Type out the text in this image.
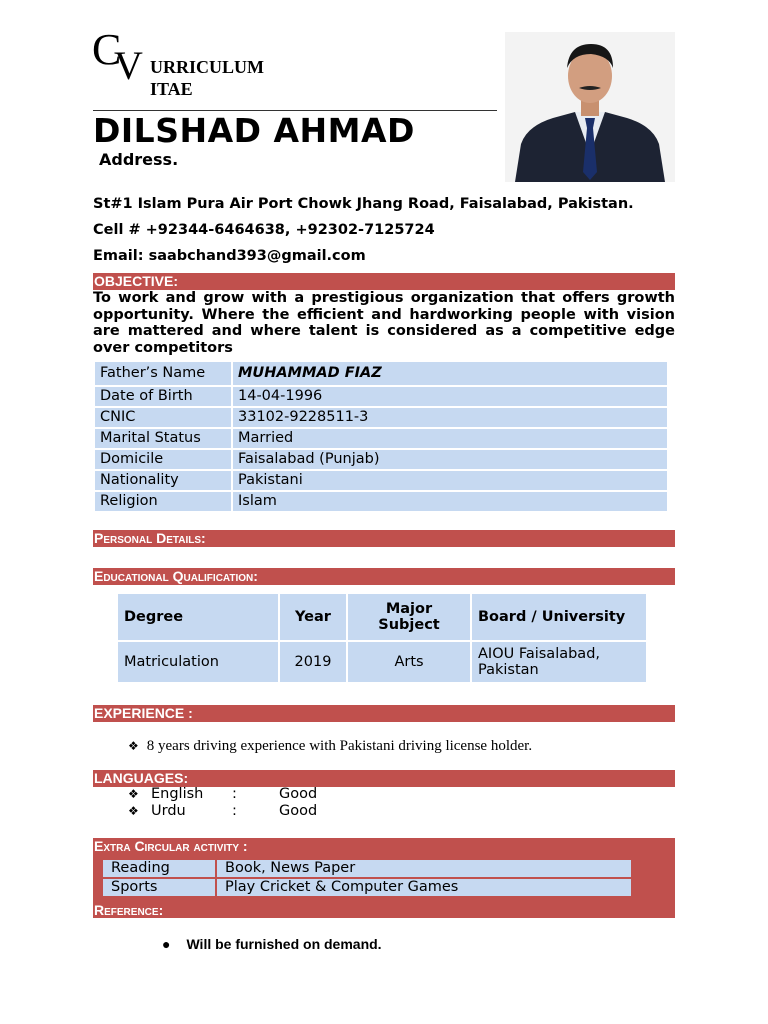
C
V URRICULUM
ITAE
DILSHAD AHMAD
Address.
St#1 Islam Pura Air Port Chowk Jhang Road, Faisalabad, Pakistan.
Cell # +92344-6464638, +92302-7125724
Email: saabchand393@gmail.com
OBJECTIVE:
To work and grow with a prestigious organization that offers growth opportunity. Where the efficient and hardworking people with vision are mattered and where talent is considered as a competitive edge over competitors
Father’s Name	MUHAMMAD FIAZ
Date of Birth	14-04-1996
CNIC	33102-9228511-3
Marital Status	Married
Domicile	Faisalabad (Punjab)
Nationality	Pakistani
Religion	Islam
Personal Details:
Educational Qualification:
Degree	Year	Major Subject	Board / University
Matriculation	2019	Arts	AIOU Faisalabad, Pakistan
EXPERIENCE :
❖ 8 years driving experience with Pakistani driving license holder.
LANGUAGES:
❖ English :	Good
❖ Urdu	:	Good
Extra Circular activity :
Reading	Book, News Paper
Sports	Play Cricket & Computer Games
Reference:
● Will be furnished on demand.
